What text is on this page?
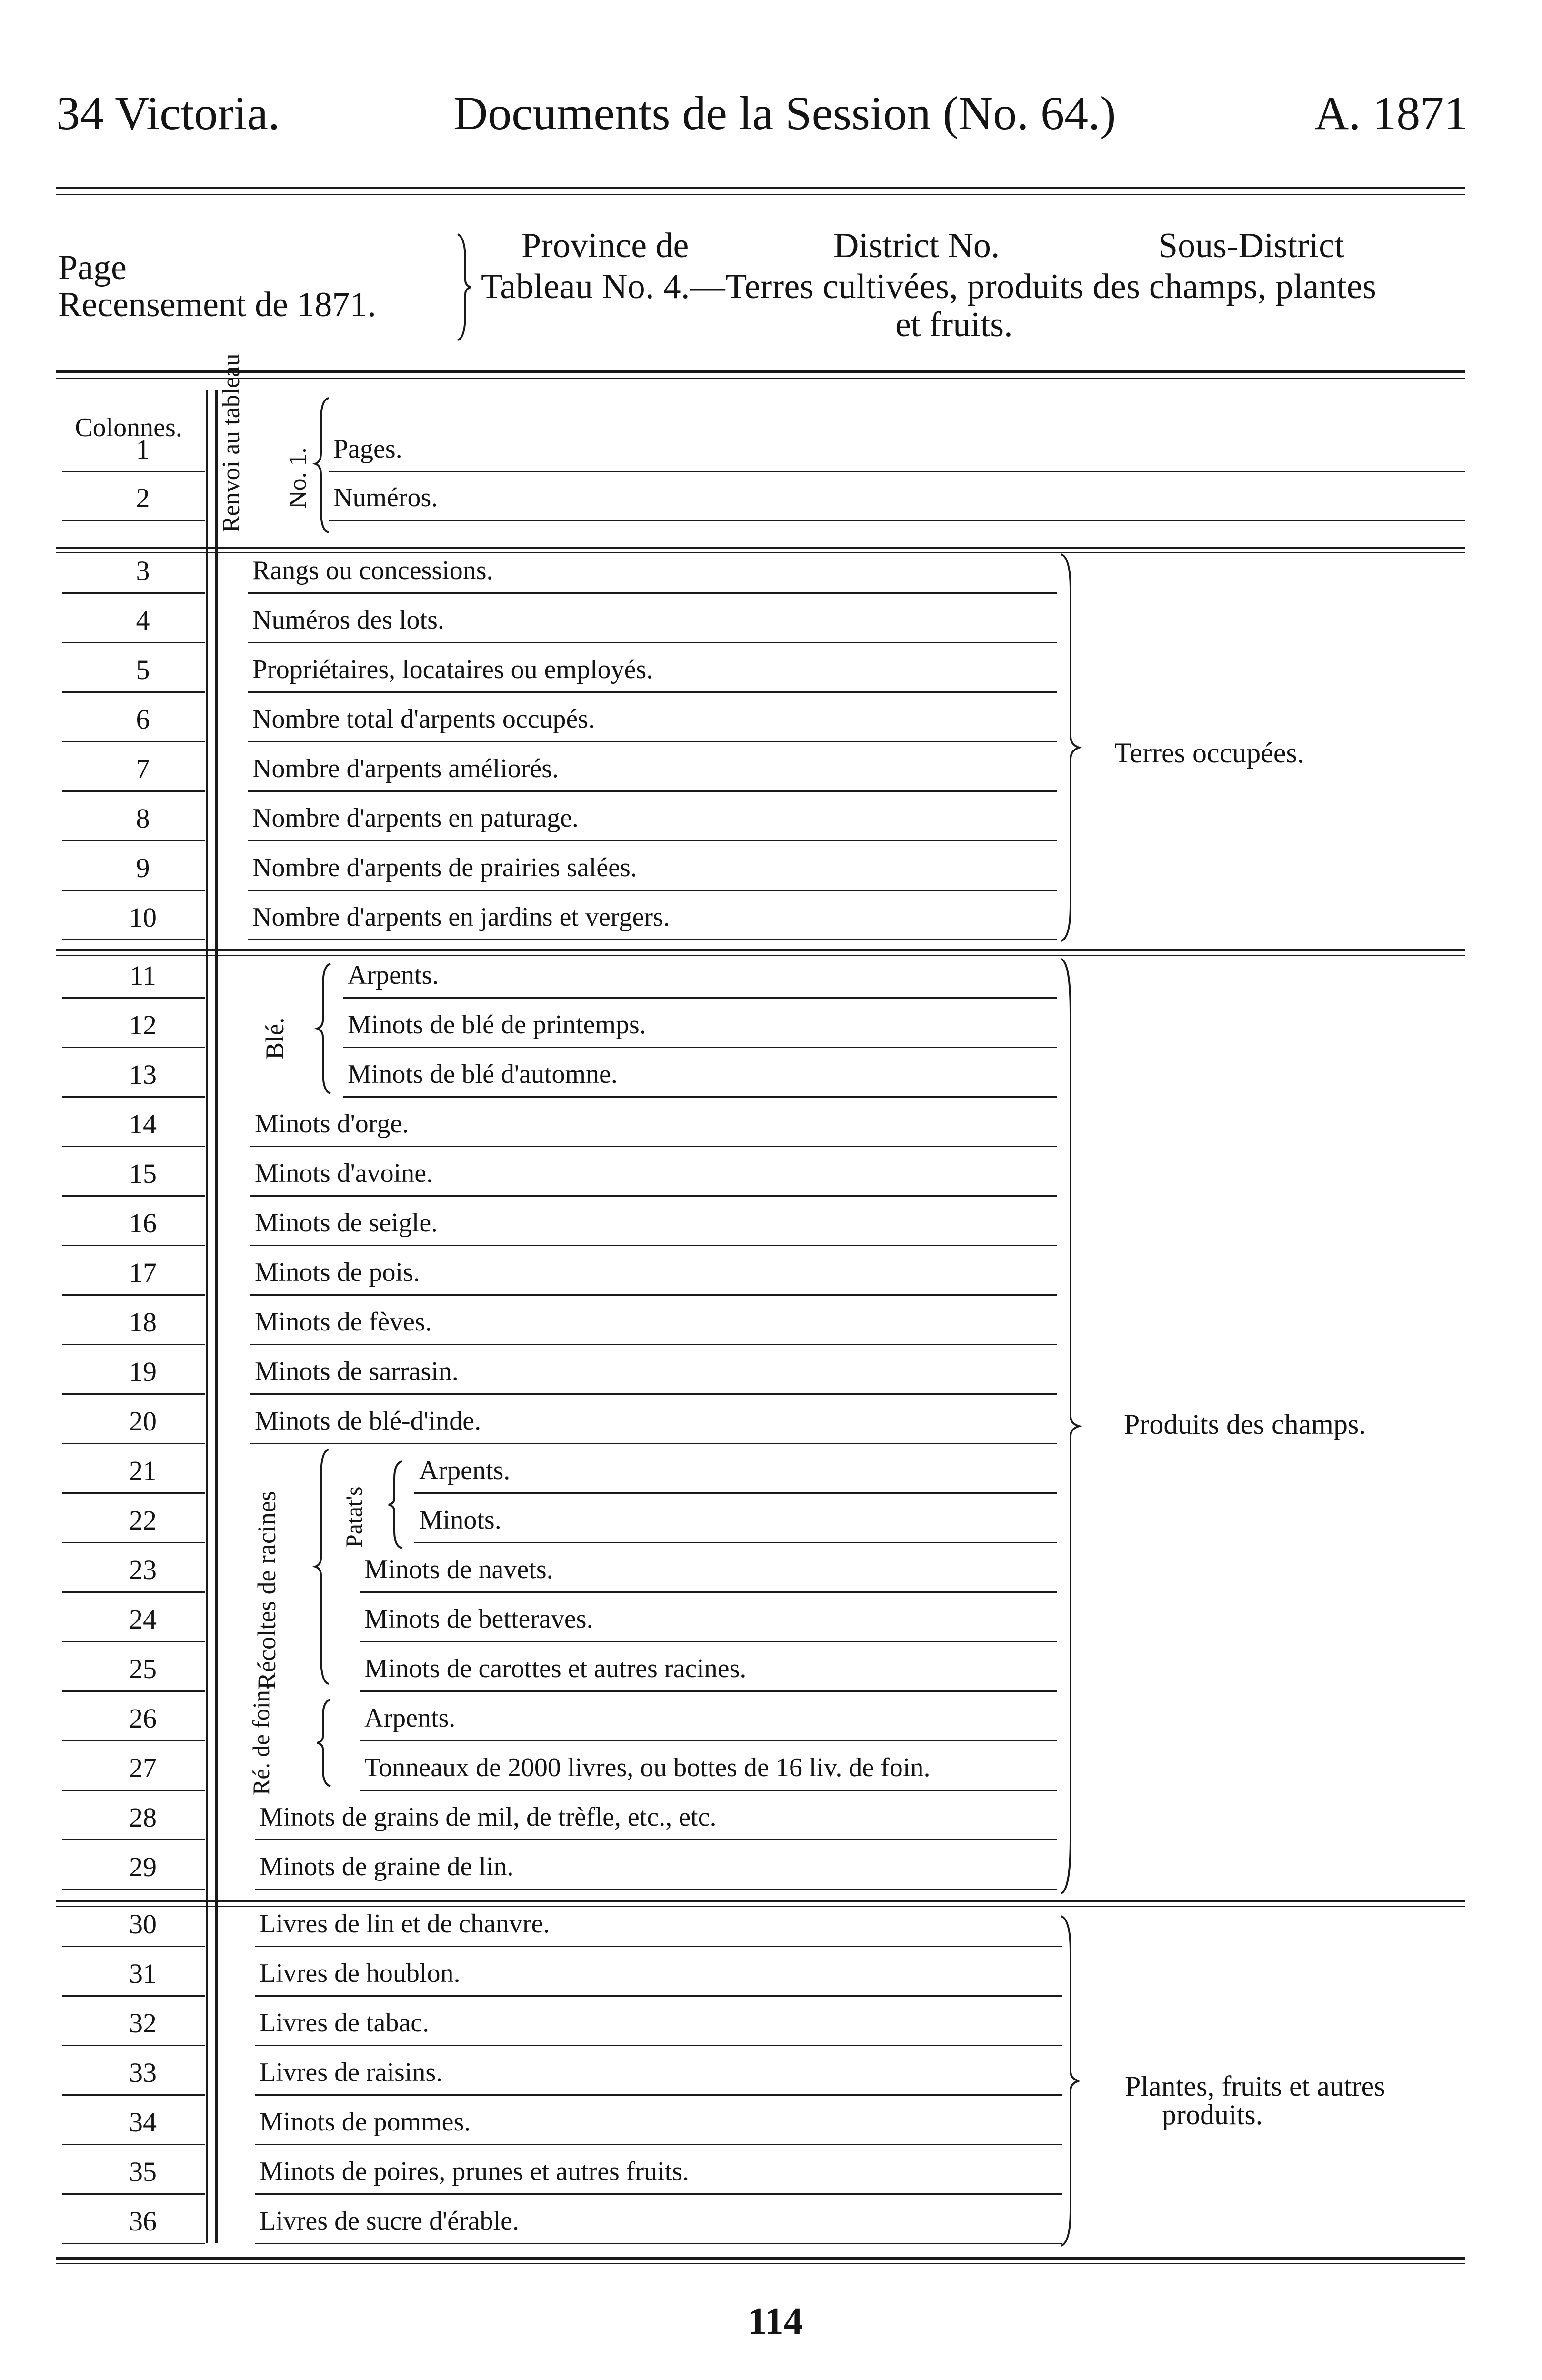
34 Victoria.	Documents de la Session (No. 64.)	A. 1871
Page
Recensement de 1871.
Province de	District No.	Sous-District
Tableau No. 4.—Terres cultivées, produits des champs, plantes
et fruits.
Colonnes.	Renvoi au tableau No. 1.
1	Pages.
2	Numéros.
3	Rangs ou concessions.
4	Numéros des lots.
5	Propriétaires, locataires ou employés.
6	Nombre total d'arpents occupés.
7	Nombre d'arpents améliorés.
8	Nombre d'arpents en paturage.
9	Nombre d'arpents de prairies salées.
10	Nombre d'arpents en jardins et vergers.
11	Arpents.
12	Minots de blé de printemps.
13	Minots de blé d'automne.
14	Minots d'orge.
15	Minots d'avoine.
16	Minots de seigle.
17	Minots de pois.
18	Minots de fèves.
19	Minots de sarrasin.
20	Minots de blé-d'inde.
21	Arpents.
22	Minots.
23	Minots de navets.
24	Minots de betteraves.
25	Minots de carottes et autres racines.
26	Arpents.
27	Tonneaux de 2000 livres, ou bottes de 16 liv. de foin.
28	Minots de grains de mil, de trèfle, etc., etc.
29	Minots de graine de lin.
30	Livres de lin et de chanvre.
31	Livres de houblon.
32	Livres de tabac.
33	Livres de raisins.
34	Minots de pommes.
35	Minots de poires, prunes et autres fruits.
36	Livres de sucre d'érable.
Blé.
Récoltes de racines	Patat's
Ré. de foin.
Terres occupées.
Produits des champs.
Plantes, fruits et autres
produits.
114
